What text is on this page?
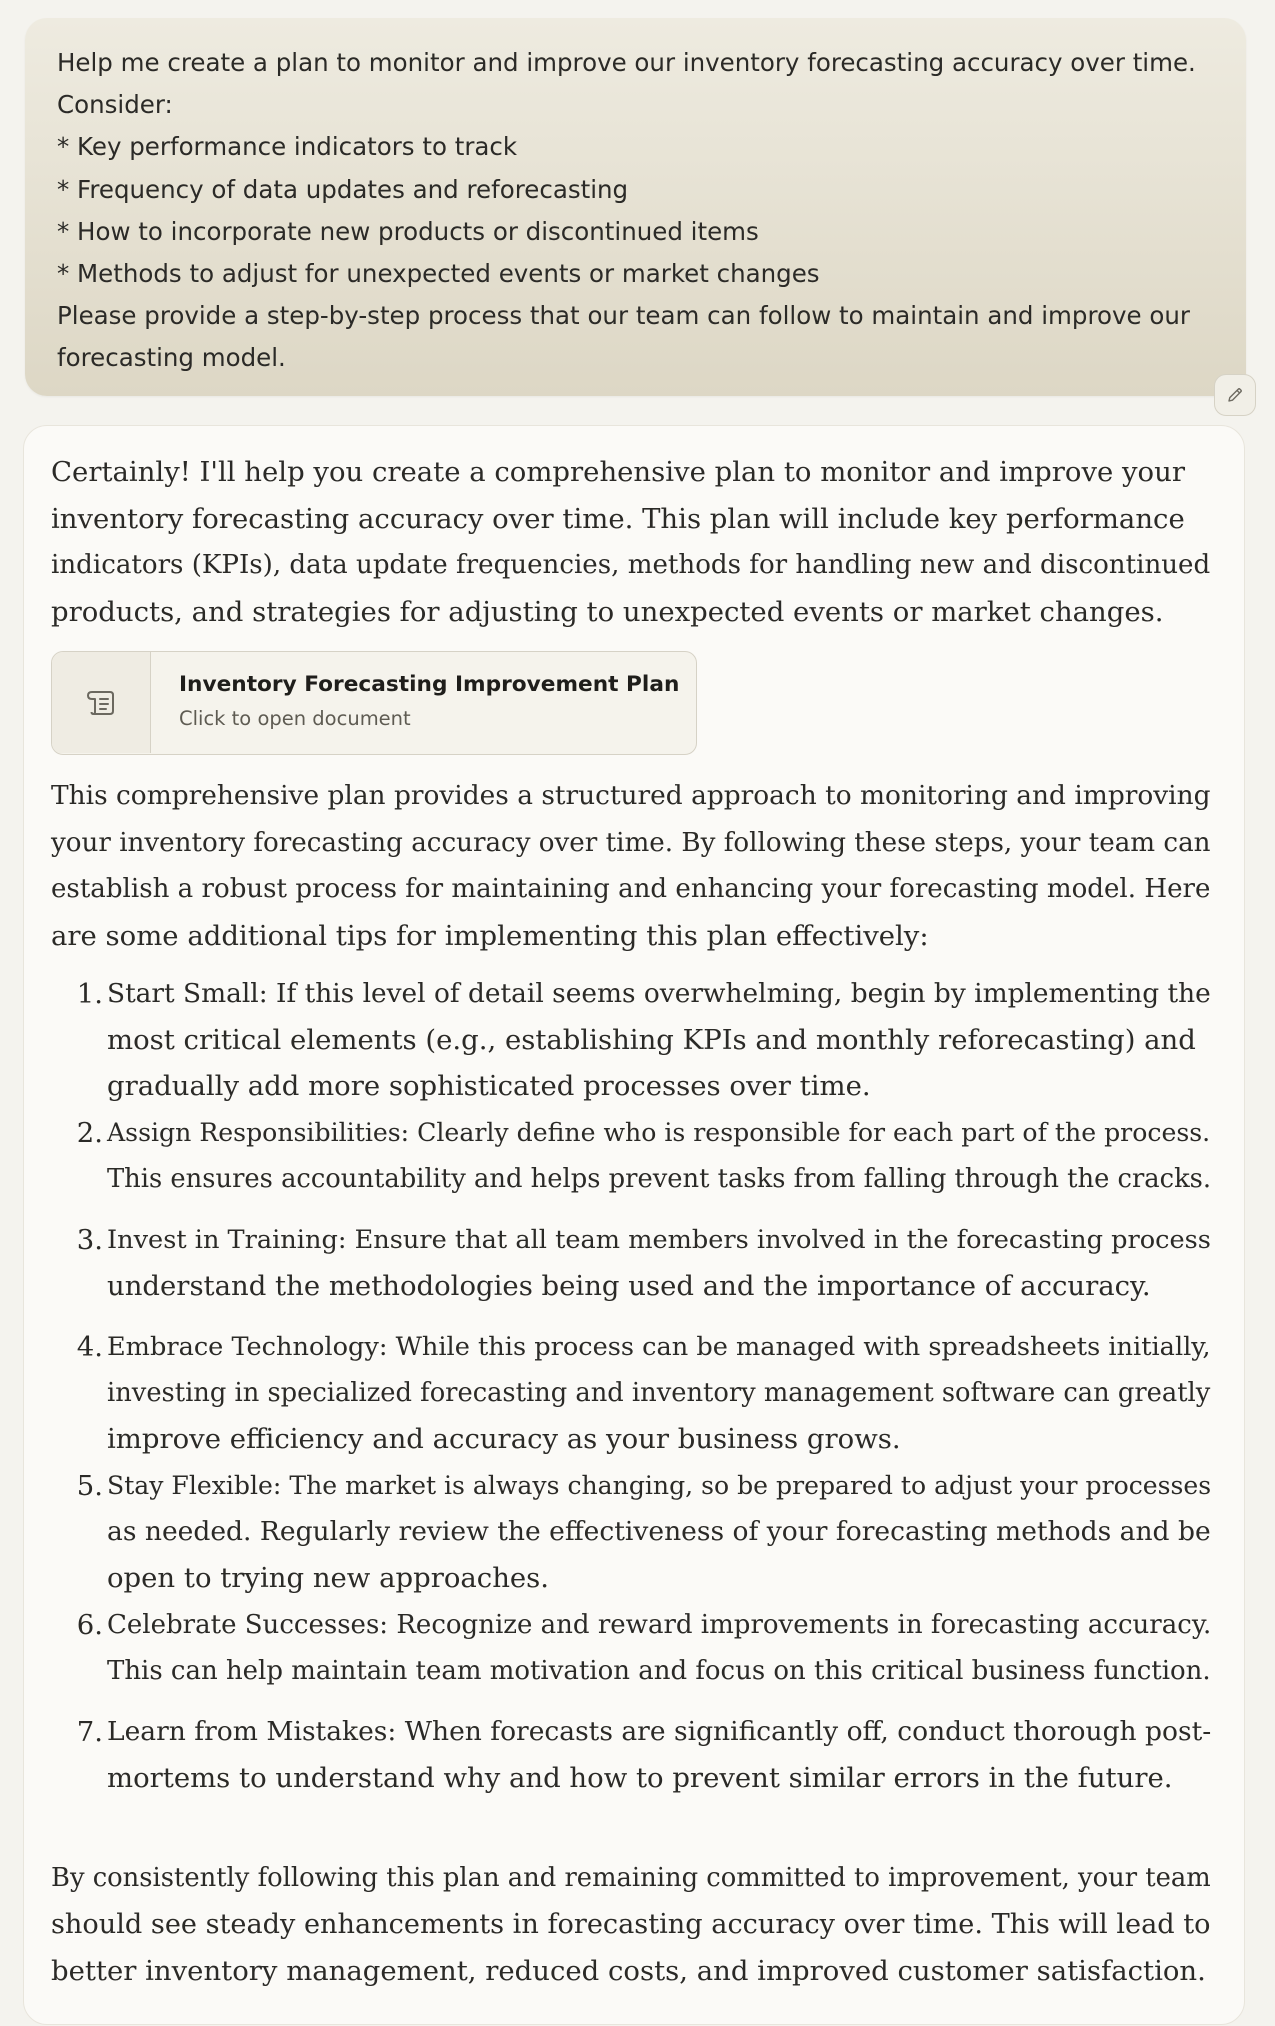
Help me create a plan to monitor and improve our inventory forecasting accuracy over time.
Consider:
* Key performance indicators to track
* Frequency of data updates and reforecasting
* How to incorporate new products or discontinued items
* Methods to adjust for unexpected events or market changes
Please provide a step-by-step process that our team can follow to maintain and improve our
forecasting model.
Certainly! I'll help you create a comprehensive plan to monitor and improve your
inventory forecasting accuracy over time. This plan will include key performance
indicators (KPIs), data update frequencies, methods for handling new and discontinued
products, and strategies for adjusting to unexpected events or market changes.
Inventory Forecasting Improvement Plan
Click to open document
This comprehensive plan provides a structured approach to monitoring and improving
your inventory forecasting accuracy over time. By following these steps, your team can
establish a robust process for maintaining and enhancing your forecasting model. Here
are some additional tips for implementing this plan effectively:
1. Start Small: If this level of detail seems overwhelming, begin by implementing the
most critical elements (e.g., establishing KPIs and monthly reforecasting) and
gradually add more sophisticated processes over time.
2. Assign Responsibilities: Clearly define who is responsible for each part of the process.
This ensures accountability and helps prevent tasks from falling through the cracks.
3. Invest in Training: Ensure that all team members involved in the forecasting process
understand the methodologies being used and the importance of accuracy.
4. Embrace Technology: While this process can be managed with spreadsheets initially,
investing in specialized forecasting and inventory management software can greatly
improve efficiency and accuracy as your business grows.
5. Stay Flexible: The market is always changing, so be prepared to adjust your processes
as needed. Regularly review the effectiveness of your forecasting methods and be
open to trying new approaches.
6. Celebrate Successes: Recognize and reward improvements in forecasting accuracy.
This can help maintain team motivation and focus on this critical business function.
7. Learn from Mistakes: When forecasts are significantly off, conduct thorough post-
mortems to understand why and how to prevent similar errors in the future.
By consistently following this plan and remaining committed to improvement, your team
should see steady enhancements in forecasting accuracy over time. This will lead to
better inventory management, reduced costs, and improved customer satisfaction.
